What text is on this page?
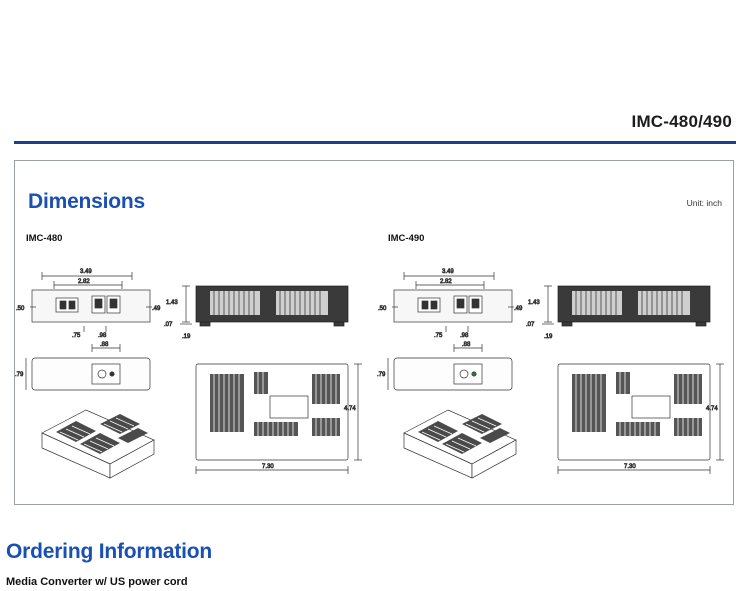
IMC-480/490
Dimensions	Unit: inch
IMC-480	IMC-490
3.49
2.82
.50	.49
.75	.98
1.43
.07
.19
.88
.79
4.74
7.30
3.49
2.82
.50	.49
.75	.98
1.43
.07
.19
.88
.79
4.74
7.30
Ordering Information
Media Converter w/ US power cord
